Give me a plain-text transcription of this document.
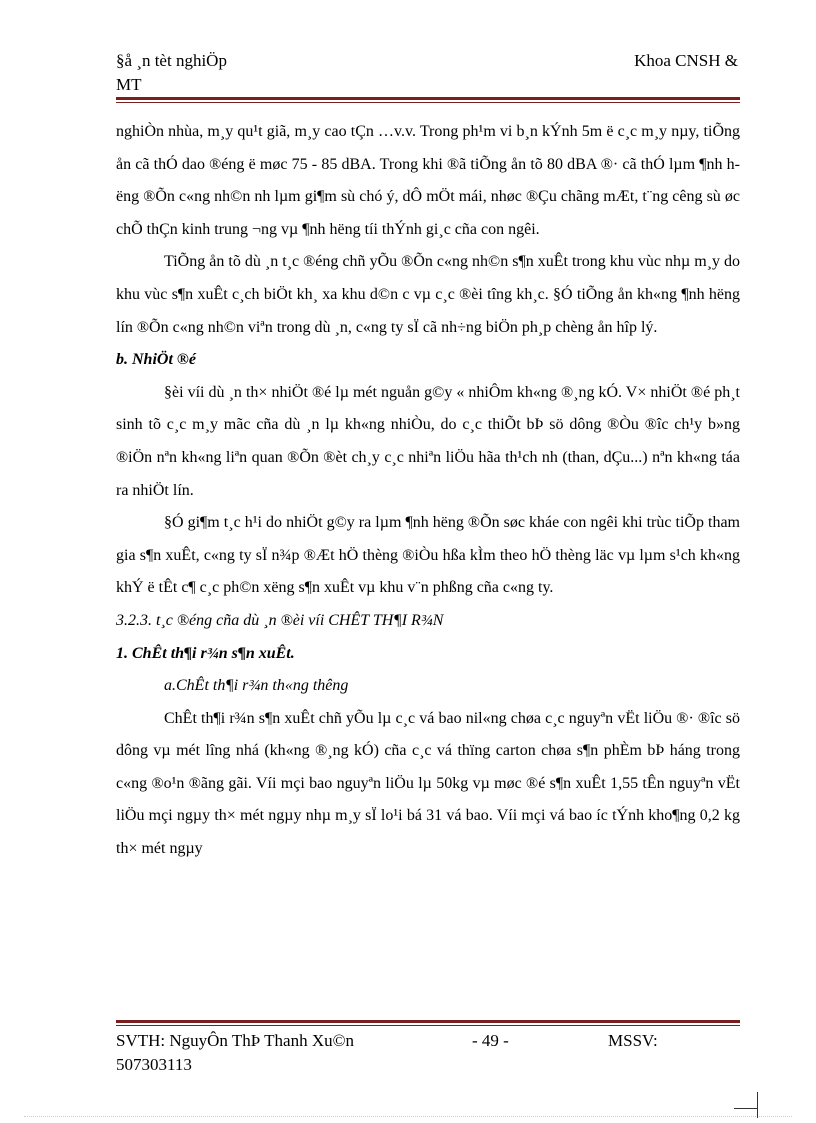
§å ¸n tèt nghiÖp	Khoa CNSH &
MT

nghiÒn nhùa, m¸y qu¹t giã, m¸y cao tÇn …v.v. Trong ph¹m vi b¸n kÝnh 5m ë c¸c m¸y nµy, tiÕng ån cã thÓ dao ®éng ë møc 75 - 85 dBA. Trong khi ®ã tiÕng ån tõ 80 dBA ®· cã thÓ lµm ¶nh hëng ®Õn c«ng nh©n nh lµm gi¶m sù chó ý, dÔ mÖt mái, nhøc ®Çu chãng mÆt, t¨ng cêng sù øc chÕ thÇn kinh trung ¬ng vµ ¶nh hëng tíi thÝnh gi¸c cña con ngêi.

TiÕng ån tõ dù ¸n t¸c ®éng chñ yÕu ®Õn c«ng nh©n s¶n xuÊt trong khu vùc nhµ m¸y do khu vùc s¶n xuÊt c¸ch biÖt kh¸ xa khu d©n c vµ c¸c ®èi tîng kh¸c. §Ó tiÕng ån kh«ng ¶nh hëng lín ®Õn c«ng nh©n viªn trong dù ¸n, c«ng ty sÏ cã nh÷ng biÖn ph¸p chèng ån hîp lý.

b. NhiÖt ®é

§èi víi dù ¸n th× nhiÖt ®é lµ mét nguån g©y « nhiÔm kh«ng ®¸ng kÓ. V× nhiÖt ®é ph¸t sinh tõ c¸c m¸y mãc cña dù ¸n lµ kh«ng nhiÒu, do c¸c thiÕt bÞ sö dông ®Òu ®îc ch¹y b»ng ®iÖn nªn kh«ng liªn quan ®Õn ®èt ch¸y c¸c nhiªn liÖu hãa th¹ch nh (than, dÇu...) nªn kh«ng táa ra nhiÖt lín.

§Ó gi¶m t¸c h¹i do nhiÖt g©y ra lµm ¶nh hëng ®Õn søc kháe con ngêi khi trùc tiÕp tham gia s¶n xuÊt, c«ng ty sÏ n¾p ®Æt hÖ thèng ®iÒu hßa kÌm theo hÖ thèng läc vµ lµm s¹ch kh«ng khÝ ë tÊt c¶ c¸c ph©n xëng s¶n xuÊt vµ khu v¨n phßng cña c«ng ty.

3.2.3. t¸c ®éng cña dù ¸n ®èi víi CHÊT TH¶I R¾N

1. ChÊt th¶i r¾n s¶n xuÊt.

a.ChÊt th¶i r¾n th«ng thêng

ChÊt th¶i r¾n s¶n xuÊt chñ yÕu lµ c¸c vá bao nil«ng chøa c¸c nguyªn vËt liÖu ®· ®îc sö dông vµ mét lîng nhá (kh«ng ®¸ng kÓ) cña c¸c vá thïng carton chøa s¶n phÈm bÞ háng trong c«ng ®o¹n ®ãng gãi. Víi mçi bao nguyªn liÖu lµ 50kg vµ møc ®é s¶n xuÊt 1,55 tÊn nguyªn vËt liÖu mçi ngµy th× mét ngµy nhµ m¸y sÏ lo¹i bá 31 vá bao. Víi mçi vá bao íc tÝnh kho¶ng 0,2 kg th× mét ngµy

SVTH: NguyÔn ThÞ Thanh Xu©n	- 49 -	MSSV:
507303113
